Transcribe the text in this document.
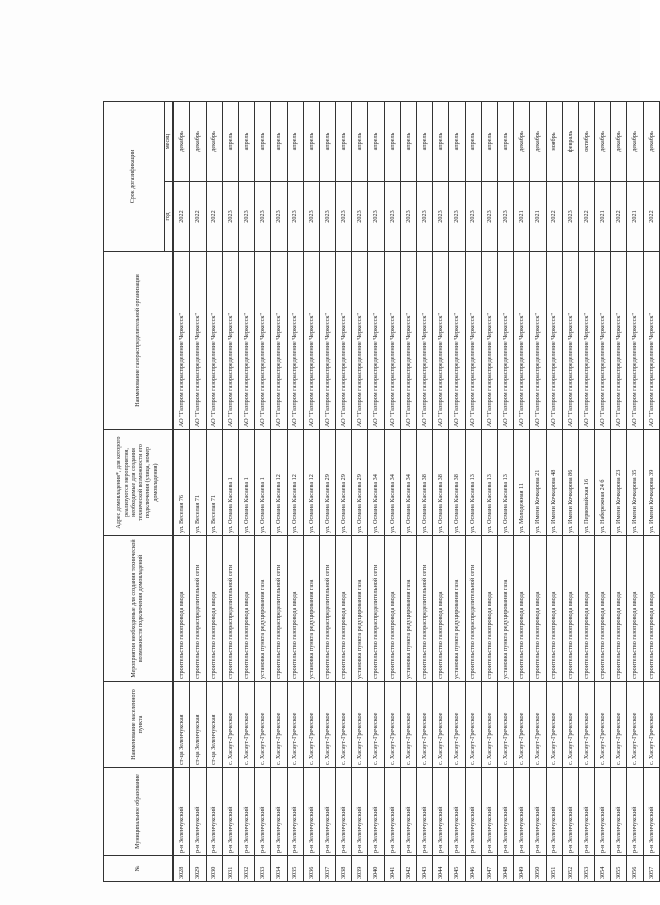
№	Муниципальное образование	Наименование населенного пункта	Мероприятия необходимые для создания технической возможности подключения домовладений	Адрес домовладения*, для которого реализуются мероприятия, необходимые для создания технической возможности его подключения (улица, номер домовладения)	Наименование газораспределительной организации	Срок догазификации	
						год	месяц

3028	р-н Зеленчукский	ст-ца Зеленчукская	строительство газопровода ввода	ул. Веселая 76	АО "Газпром газораспределение Черкесск"	2022	декабрь
3029	р-н Зеленчукский	ст-ца Зеленчукская	строительство газораспределительной сети	ул. Веселая 71	АО "Газпром газораспределение Черкесск"	2022	декабрь
3030	р-н Зеленчукский	ст-ца Зеленчукская	строительство газопровода ввода	ул. Веселая 71	АО "Газпром газораспределение Черкесск"	2022	декабрь
3031	р-н Зеленчукский	с. Хасаут-Греческое	строительство газораспределительной сети	ул. Османа Касаева 1	АО "Газпром газораспределение Черкесск"	2023	апрель
3032	р-н Зеленчукский	с. Хасаут-Греческое	строительство газопровода ввода	ул. Османа Касаева 1	АО "Газпром газораспределение Черкесск"	2023	апрель
3033	р-н Зеленчукский	с. Хасаут-Греческое	установка пункта редуцирования газа	ул. Османа Касаева 1	АО "Газпром газораспределение Черкесск"	2023	апрель
3034	р-н Зеленчукский	с. Хасаут-Греческое	строительство газораспределительной сети	ул. Османа Касаева 12	АО "Газпром газораспределение Черкесск"	2023	апрель
3035	р-н Зеленчукский	с. Хасаут-Греческое	строительство газопровода ввода	ул. Османа Касаева 12	АО "Газпром газораспределение Черкесск"	2023	апрель
3036	р-н Зеленчукский	с. Хасаут-Греческое	установка пункта редуцирования газа	ул. Османа Касаева 12	АО "Газпром газораспределение Черкесск"	2023	апрель
3037	р-н Зеленчукский	с. Хасаут-Греческое	строительство газораспределительной сети	ул. Османа Касаева 29	АО "Газпром газораспределение Черкесск"	2023	апрель
3038	р-н Зеленчукский	с. Хасаут-Греческое	строительство газопровода ввода	ул. Османа Касаева 29	АО "Газпром газораспределение Черкесск"	2023	апрель
3039	р-н Зеленчукский	с. Хасаут-Греческое	установка пункта редуцирования газа	ул. Османа Касаева 29	АО "Газпром газораспределение Черкесск"	2023	апрель
3040	р-н Зеленчукский	с. Хасаут-Греческое	строительство газораспределительной сети	ул. Османа Касаева 34	АО "Газпром газораспределение Черкесск"	2023	апрель
3041	р-н Зеленчукский	с. Хасаут-Греческое	строительство газопровода ввода	ул. Османа Касаева 34	АО "Газпром газораспределение Черкесск"	2023	апрель
3042	р-н Зеленчукский	с. Хасаут-Греческое	установка пункта редуцирования газа	ул. Османа Касаева 34	АО "Газпром газораспределение Черкесск"	2023	апрель
3043	р-н Зеленчукский	с. Хасаут-Греческое	строительство газораспределительной сети	ул. Османа Касаева 38	АО "Газпром газораспределение Черкесск"	2023	апрель
3044	р-н Зеленчукский	с. Хасаут-Греческое	строительство газопровода ввода	ул. Османа Касаева 38	АО "Газпром газораспределение Черкесск"	2023	апрель
3045	р-н Зеленчукский	с. Хасаут-Греческое	установка пункта редуцирования газа	ул. Османа Касаева 38	АО "Газпром газораспределение Черкесск"	2023	апрель
3046	р-н Зеленчукский	с. Хасаут-Греческое	строительство газораспределительной сети	ул. Османа Касаева 13	АО "Газпром газораспределение Черкесск"	2023	апрель
3047	р-н Зеленчукский	с. Хасаут-Греческое	строительство газопровода ввода	ул. Османа Касаева 13	АО "Газпром газораспределение Черкесск"	2023	апрель
3048	р-н Зеленчукский	с. Хасаут-Греческое	установка пункта редуцирования газа	ул. Османа Касаева 13	АО "Газпром газораспределение Черкесск"	2023	апрель
3049	р-н Зеленчукский	с. Хасаут-Греческое	строительство газопровода ввода	ул. Молодежная 11	АО "Газпром газораспределение Черкесск"	2021	декабрь
3050	р-н Зеленчукский	с. Хасаут-Греческое	строительство газопровода ввода	ул. Имени Кочкарова 21	АО "Газпром газораспределение Черкесск"	2021	декабрь
3051	р-н Зеленчукский	с. Хасаут-Греческое	строительство газопровода ввода	ул. Имени Кочкарова 48	АО "Газпром газораспределение Черкесск"	2022	ноябрь
3052	р-н Зеленчукский	с. Хасаут-Греческое	строительство газопровода ввода	ул. Имени Кочкарова 86	АО "Газпром газораспределение Черкесск"	2023	февраль
3053	р-н Зеленчукский	с. Хасаут-Греческое	строительство газопровода ввода	ул. Первомайская 16	АО "Газпром газораспределение Черкесск"	2022	октябрь
3054	р-н Зеленчукский	с. Хасаут-Греческое	строительство газопровода ввода	ул. Набережная 24 б	АО "Газпром газораспределение Черкесск"	2021	декабрь
3055	р-н Зеленчукский	с. Хасаут-Греческое	строительство газопровода ввода	ул. Имени Кочкарова 23	АО "Газпром газораспределение Черкесск"	2022	декабрь
3056	р-н Зеленчукский	с. Хасаут-Греческое	строительство газопровода ввода	ул. Имени Кочкарова 35	АО "Газпром газораспределение Черкесск"	2021	декабрь
3057	р-н Зеленчукский	с. Хасаут-Греческое	строительство газопровода ввода	ул. Имени Кочкарова 39	АО "Газпром газораспределение Черкесск"	2022	декабрь
